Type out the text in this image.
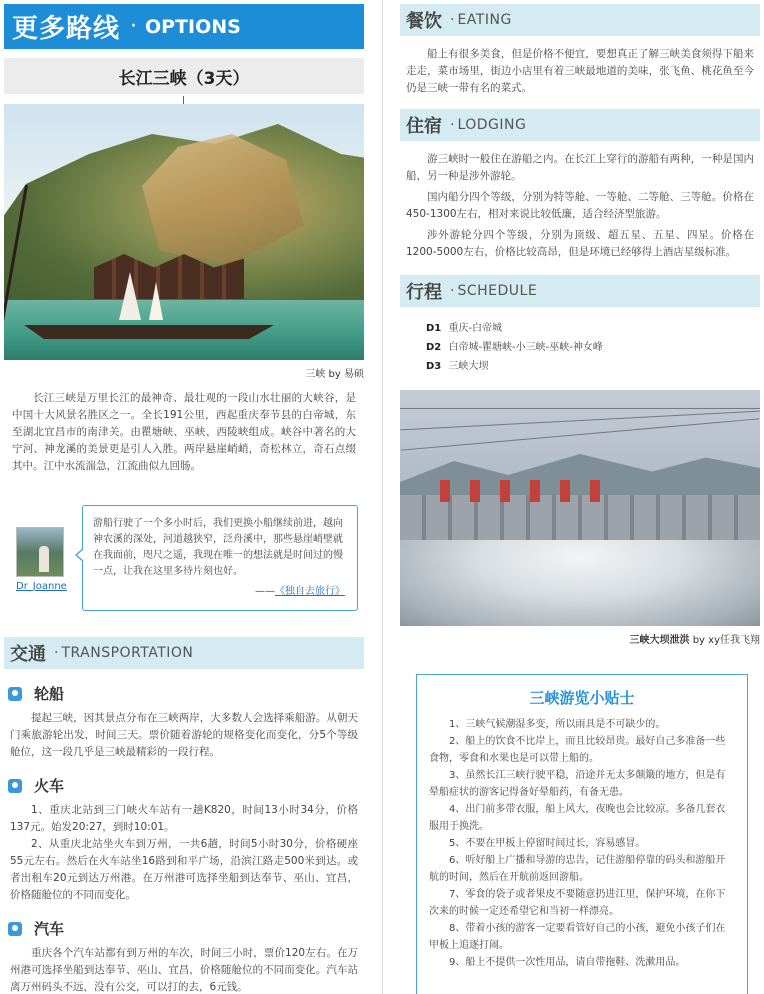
更多路线 · OPTIONS
长江三峡（3天）
三峡 by 易硕

长江三峡是万里长江的最神奇、最壮观的一段山水壮丽的大峡谷，是中国十大风景名胜区之一。全长191公里，西起重庆奉节县的白帝城，东至湖北宜昌市的南津关。由瞿塘峡、巫峡、西陵峡组成。峡谷中著名的大宁河、神龙溪的美景更是引人入胜。两岸悬崖峭峭，奇松林立，奇石点缀其中。江中水流湍急，江流曲似九回肠。

Dr_Joanne

游船行驶了一个多小时后，我们更换小船继续前进，越向神农溪的深处，河道越狭窄，泛舟溪中，那些悬崖峭壁就在我面前，咫尺之遥，我现在唯一的想法就是时间过的慢一点，让我在这里多待片刻也好。

——《独自去旅行》

交通 · TRANSPORTATION
轮船

提起三峡，因其景点分布在三峡两岸，大多数人会选择乘船游。从朝天门乘旅游轮出发，时间三天。票价随着游轮的规格变化而变化，分5个等级舱位，这一段几乎是三峡最精彩的一段行程。

火车

1、重庆北站到三门峡火车站有一趟K820，时间13小时34分，价格137元。始发20:27，到时10:01。

2、从重庆北站坐火车到万州，一共6趟，时间5小时30分，价格硬座55元左右。然后在火车站坐16路到和平广场，沿滨江路走500米到达。或者出租车20元到达万州港。在万州港可选择坐船到达奉节、巫山、宜昌，价格随舱位的不同而变化。

汽车

重庆各个汽车站都有到万州的车次，时间三小时，票价120左右。在万州港可选择坐船到达奉节、巫山、宜昌，价格随舱位的不同而变化。汽车站离万州码头不远，没有公交，可以打的去，6元钱。

餐饮 · EATING

船上有很多美食，但是价格不便宜，要想真正了解三峡美食须得下船来走走，菜市场里，街边小店里有着三峡最地道的美味，张飞鱼、桃花鱼至今仍是三峡一带有名的菜式。

住宿 · LODGING

游三峡时一般住在游船之内。在长江上穿行的游船有两种，一种是国内船，另一种是涉外游轮。

国内船分四个等级，分别为特等舱、一等舱、二等舱、三等舱。价格在450-1300左右，相对来说比较低廉，适合经济型旅游。

涉外游轮分四个等级，分别为顶级、超五星、五星、四星。价格在1200-5000左右，价格比较高昂，但是环境已经够得上酒店星级标准。

行程 · SCHEDULE
D1 重庆-白帝城
D2 白帝城-瞿塘峡-小三峡-巫峡-神女峰
D3 三峡大坝
三峡大坝泄洪 by xy任我飞翔
三峡游览小贴士

1、三峡气候潮湿多变，所以雨具是不可缺少的。

2、船上的饮食不比岸上，而且比较昂贵。最好自己多准备一些食物，零食和水果也是可以带上船的。

3、虽然长江三峡行驶平稳，沿途并无太多颠簸的地方，但是有晕船症状的游客记得备好晕船药，有备无患。

4、出门前多带衣服，船上风大，夜晚也会比较凉。多备几套衣服用于换洗。

5、不要在甲板上停留时间过长，容易感冒。

6、听好船上广播和导游的忠告，记住游船停靠的码头和游船开航的时间，然后在开航前返回游船。

7、零食的袋子或者果皮不要随意扔进江里，保护环境，在你下次来的时候一定还希望它和当初一样漂亮。

8、带着小孩的游客一定要看管好自己的小孩，避免小孩子们在甲板上追逐打闹。

9、船上不提供一次性用品，请自带拖鞋、洗漱用品。
